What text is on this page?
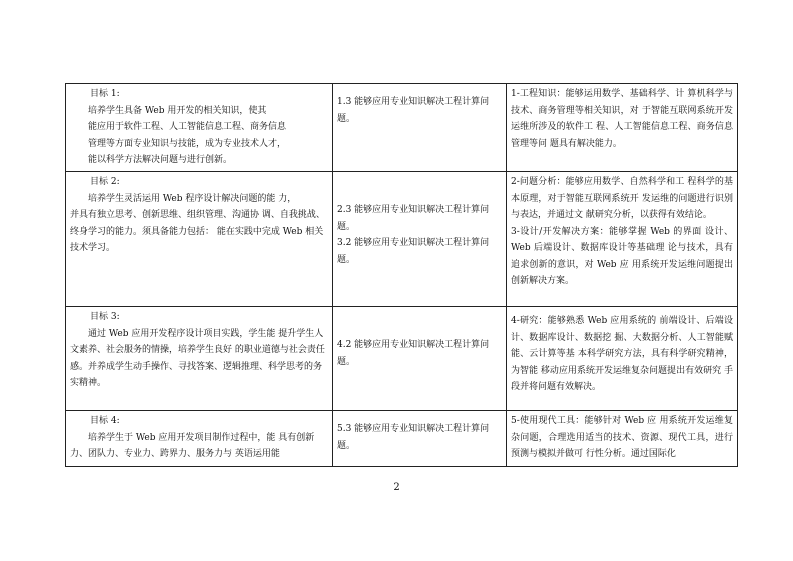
目标 1:
培养学生具备 Web 用开发的相关知识，使其
能应用于软件工程、人工智能信息工程、商务信息
管理等方面专业知识与技能，成为专业技术人才，
能以科学方法解决问题与进行创新。	1.3 能够应用专业知识解决工程计算问题。	1-工程知识：能够运用数学、基础科学、计 算机科学与技术、商务管理等相关知识，对 于智能互联网系统开发运维所涉及的软件工 程、人工智能信息工程、商务信息管理等问 题具有解决能力。

目标 2:
培养学生灵活运用 Web 程序设计解决问题的能 力，
并具有独立思考、创新思维、组织管理、沟通协 调、自我挑战、终身学习的能力。须具备能力包括： 能在实践中完成 Web 相关技术学习。	2.3 能够应用专业知识解决工程计算问题。
3.2 能够应用专业知识解决工程计算问题。	2-问题分析：能够应用数学、自然科学和工 程科学的基本原理，对于智能互联网系统开 发运维的问题进行识别与表达，并通过文 献研究分析，以获得有效结论。
3-设计/开发解决方案：能够掌握 Web 的界面 设计、Web 后端设计、数据库设计等基础理 论与技术，具有追求创新的意识，对 Web 应 用系统开发运维问题提出创新解决方案。

目标 3:
通过 Web 应用开发程序设计项目实践，学生能 提升学生人文素养、社会服务的情操，培养学生良好 的职业道德与社会责任感。并养成学生动手操作、寻找答案、逻辑推理、科学思考的务实精神。	4.2 能够应用专业知识解决工程计算问题。	4-研究：能够熟悉 Web 应用系统的 前端设计、后端设计、数据库设计、数据挖 掘、大数据分析、人工智能赋能、云计算等基 本科学研究方法，具有科学研究精神，为智能 移动应用系统开发运维复杂问题提出有效研究 手段并将问题有效解决。

目标 4:
培养学生于 Web 应用开发项目制作过程中，能 具有创新力、团队力、专业力、跨界力、服务力与 英语运用能	5.3 能够应用专业知识解决工程计算问题。	5-使用现代工具：能够针对 Web 应 用系统开发运维复杂问题，合理选用适当的技术、资源、现代工具，进行预测与模拟并做可 行性分析。通过国际化
2
